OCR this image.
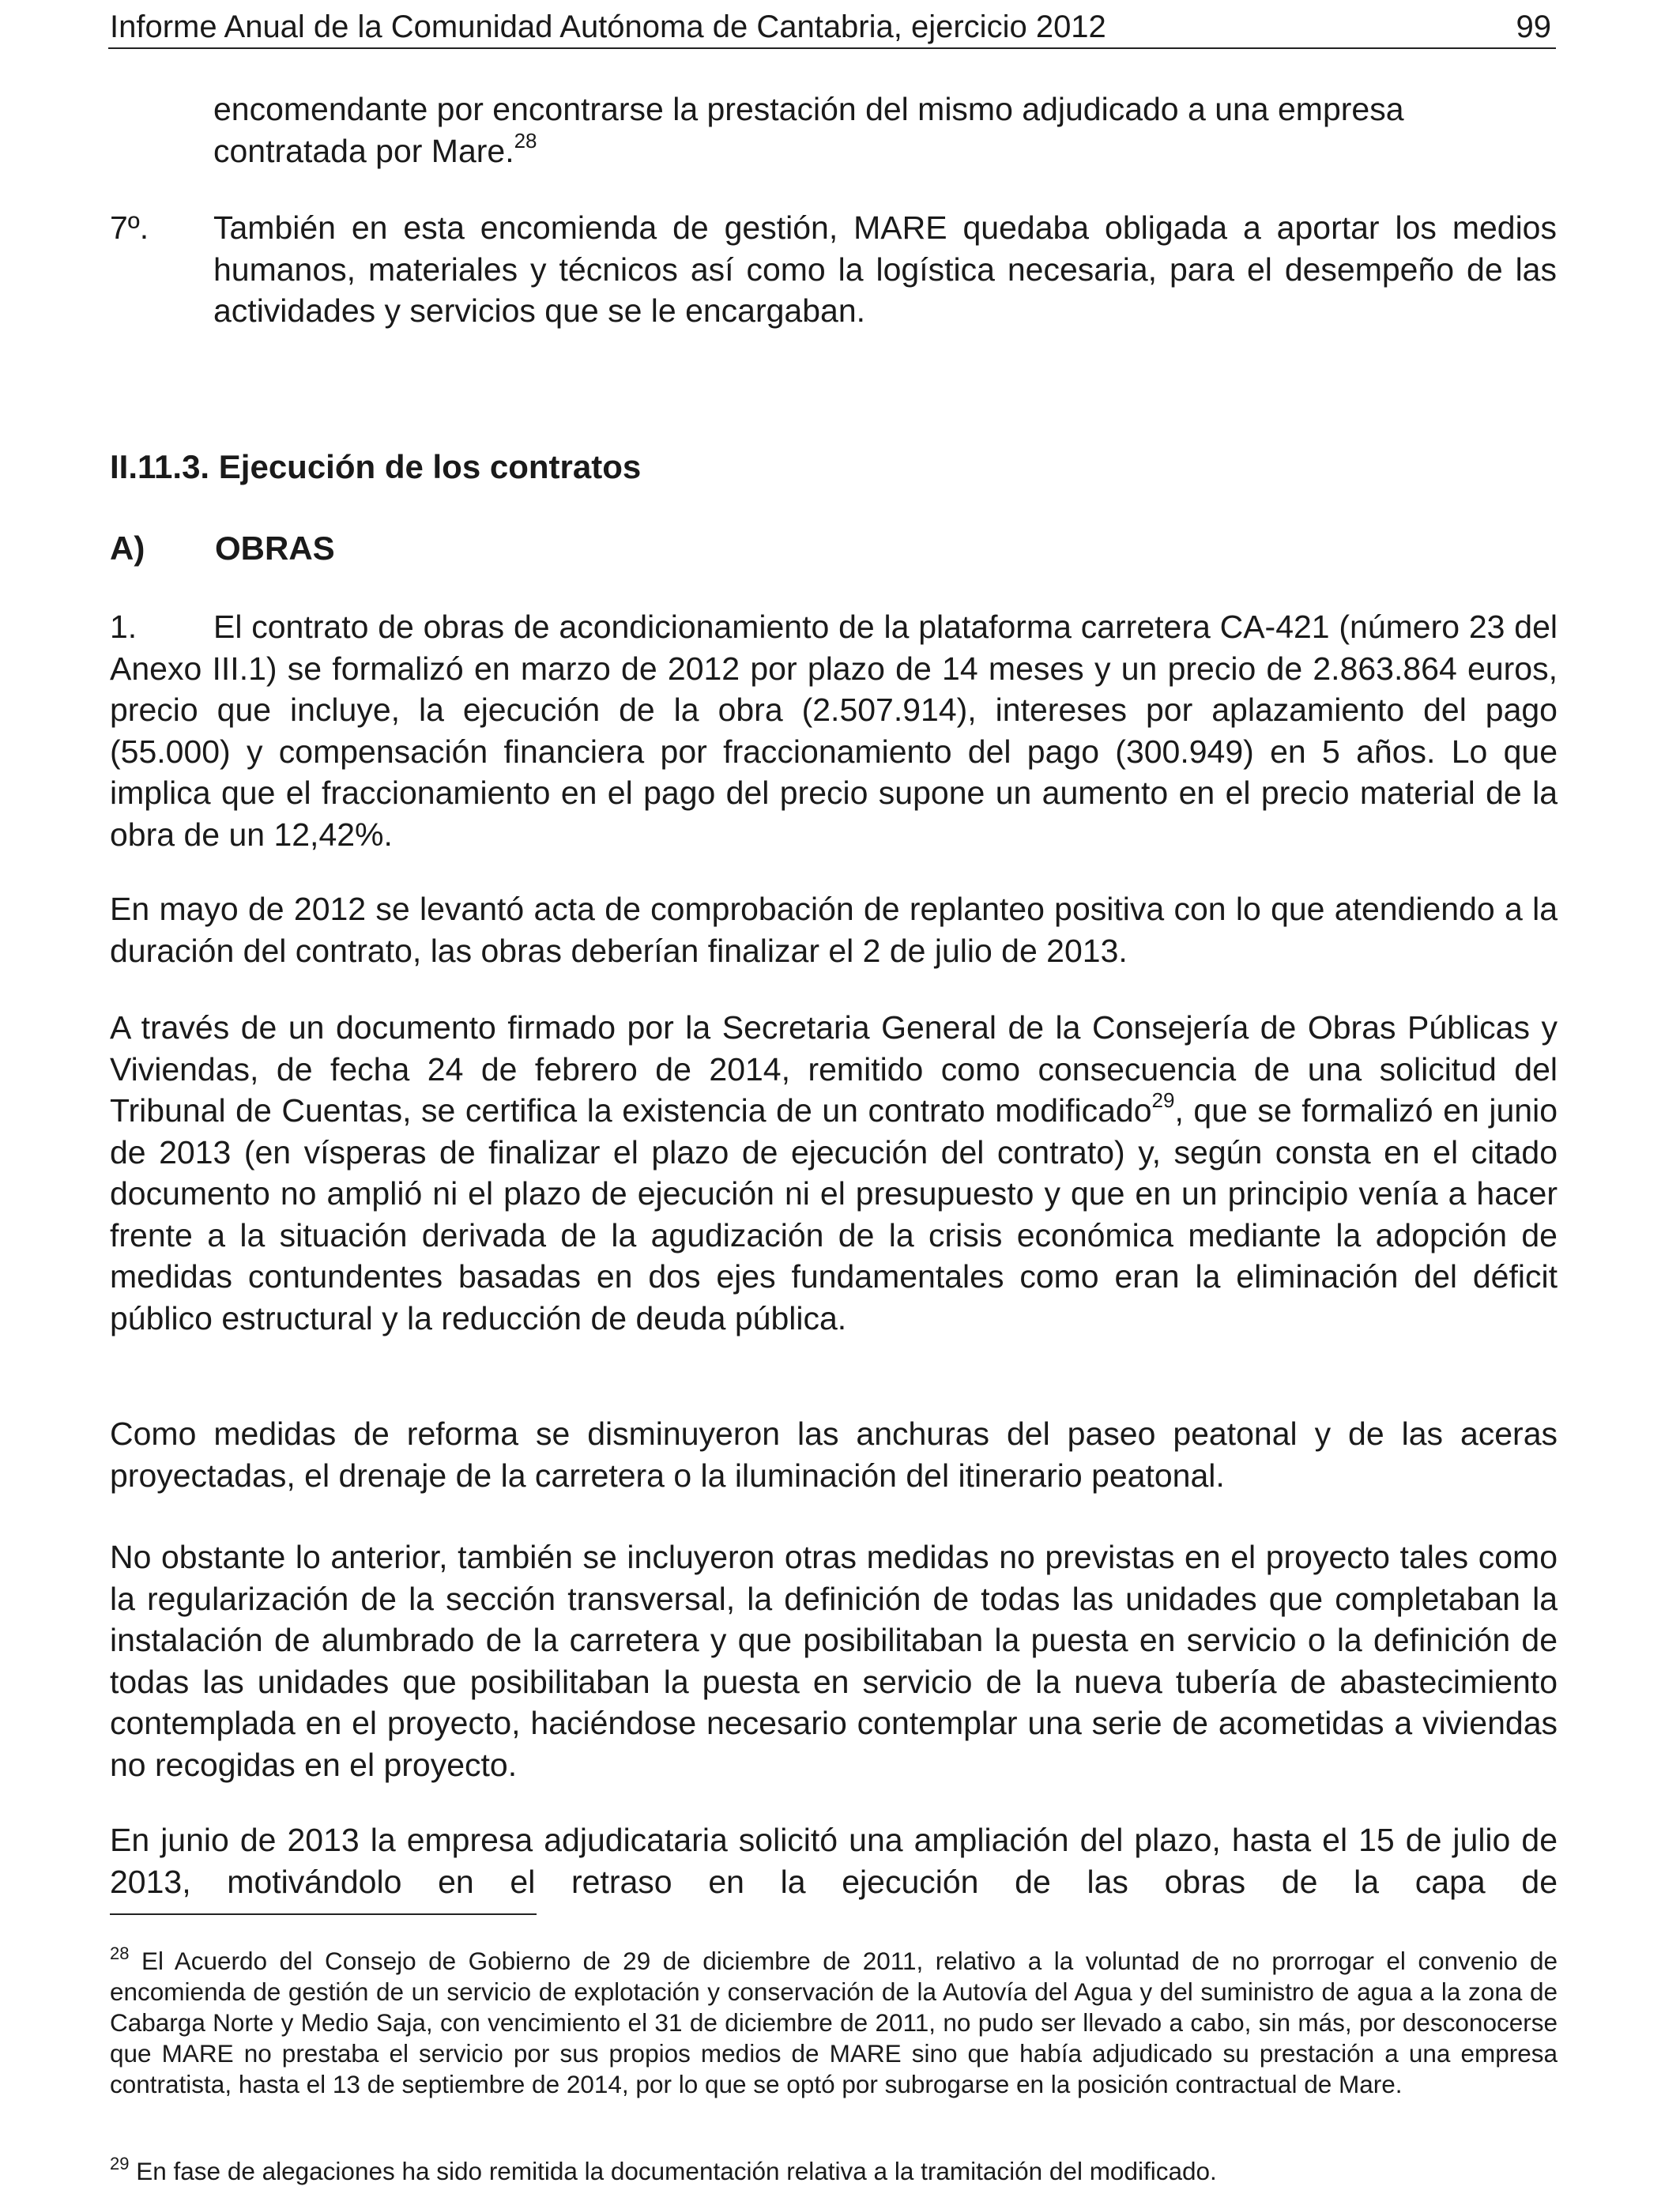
Informe Anual de la Comunidad Autónoma de Cantabria, ejercicio 2012	99

encomendante por encontrarse la prestación del mismo adjudicado a una empresa contratada por Mare.$^{28}$

7º. También en esta encomienda de gestión, MARE quedaba obligada a aportar los medios humanos, materiales y técnicos así como la logística necesaria, para el desempeño de las actividades y servicios que se le encargaban.

II.11.3. Ejecución de los contratos
A) OBRAS

1. El contrato de obras de acondicionamiento de la plataforma carretera CA-421 (número 23 del Anexo III.1) se formalizó en marzo de 2012 por plazo de 14 meses y un precio de 2.863.864 euros, precio que incluye, la ejecución de la obra (2.507.914), intereses por aplazamiento del pago (55.000) y compensación financiera por fraccionamiento del pago (300.949) en 5 años. Lo que implica que el fraccionamiento en el pago del precio supone un aumento en el precio material de la obra de un 12,42%.

En mayo de 2012 se levantó acta de comprobación de replanteo positiva con lo que atendiendo a la duración del contrato, las obras deberían finalizar el 2 de julio de 2013.

A través de un documento firmado por la Secretaria General de la Consejería de Obras Públicas y Viviendas, de fecha 24 de febrero de 2014, remitido como consecuencia de una solicitud del Tribunal de Cuentas, se certifica la existencia de un contrato modificado$^{29}$, que se formalizó en junio de 2013 (en vísperas de finalizar el plazo de ejecución del contrato) y, según consta en el citado documento no amplió ni el plazo de ejecución ni el presupuesto y que en un principio venía a hacer frente a la situación derivada de la agudización de la crisis económica mediante la adopción de medidas contundentes basadas en dos ejes fundamentales como eran la eliminación del déficit público estructural y la reducción de deuda pública.

Como medidas de reforma se disminuyeron las anchuras del paseo peatonal y de las aceras proyectadas, el drenaje de la carretera o la iluminación del itinerario peatonal.

No obstante lo anterior, también se incluyeron otras medidas no previstas en el proyecto tales como la regularización de la sección transversal, la definición de todas las unidades que completaban la instalación de alumbrado de la carretera y que posibilitaban la puesta en servicio o la definición de todas las unidades que posibilitaban la puesta en servicio de la nueva tubería de abastecimiento contemplada en el proyecto, haciéndose necesario contemplar una serie de acometidas a viviendas no recogidas en el proyecto.

En junio de 2013 la empresa adjudicataria solicitó una ampliación del plazo, hasta el 15 de julio de 2013, motivándolo en el retraso en la ejecución de las obras de la capa de

$^{28}$ El Acuerdo del Consejo de Gobierno de 29 de diciembre de 2011, relativo a la voluntad de no prorrogar el convenio de encomienda de gestión de un servicio de explotación y conservación de la Autovía del Agua y del suministro de agua a la zona de Cabarga Norte y Medio Saja, con vencimiento el 31 de diciembre de 2011, no pudo ser llevado a cabo, sin más, por desconocerse que MARE no prestaba el servicio por sus propios medios de MARE sino que había adjudicado su prestación a una empresa contratista, hasta el 13 de septiembre de 2014, por lo que se optó por subrogarse en la posición contractual de Mare.

$^{29}$ En fase de alegaciones ha sido remitida la documentación relativa a la tramitación del modificado.
